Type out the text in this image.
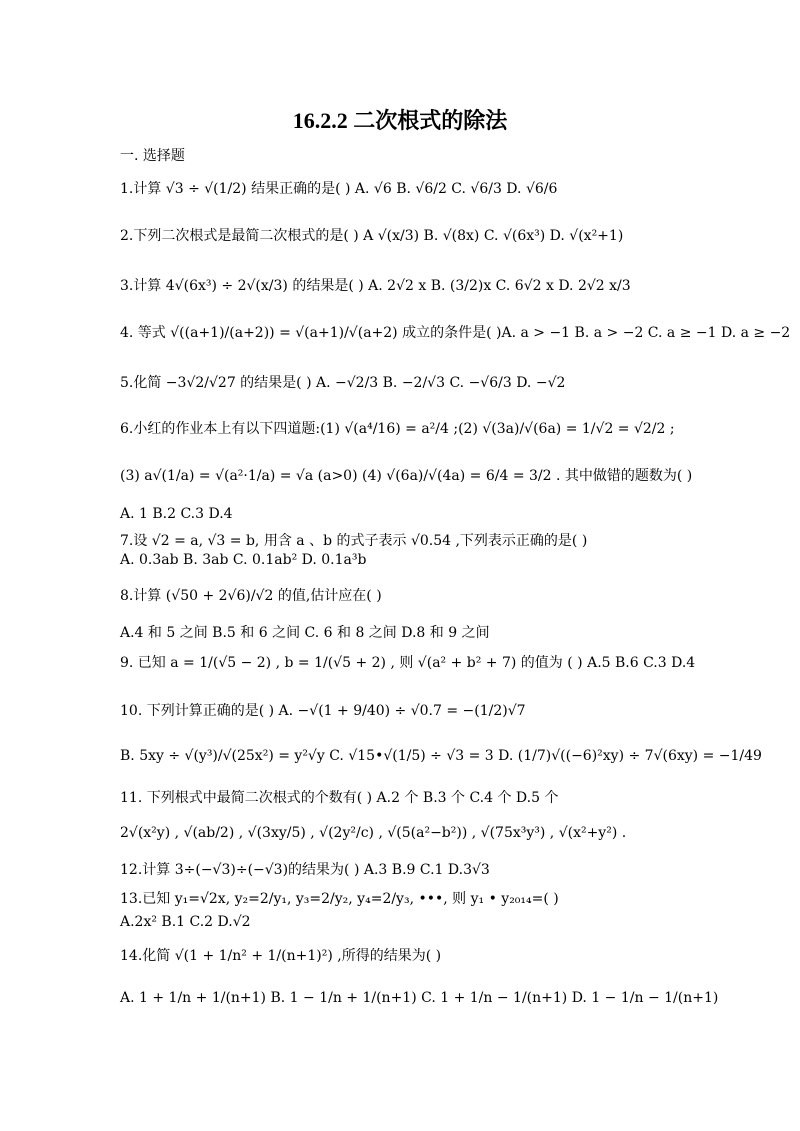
16.2.2 二次根式的除法
一. 选择题
1.计算 √3 ÷ √(1/2) 结果正确的是( ) A. √6 B. √6/2 C. √6/3 D. √6/6
2.下列二次根式是最简二次根式的是( ) A √(x/3) B. √(8x) C. √(6x³) D. √(x²+1)
3.计算 4√(6x³) ÷ 2√(x/3) 的结果是( ) A. 2√2 x B. (3/2)x C. 6√2 x D. 2√2 x/3
4. 等式 √((a+1)/(a+2)) = √(a+1)/√(a+2) 成立的条件是( )A. a > −1 B. a > −2 C. a ≥ −1 D. a ≥ −2
5.化简 −3√2/√27 的结果是( ) A. −√2/3 B. −2/√3 C. −√6/3 D. −√2
6.小红的作业本上有以下四道题:(1) √(a⁴/16) = a²/4 ;(2) √(3a)/√(6a) = 1/√2 = √2/2 ;
(3) a√(1/a) = √(a²·1/a) = √a (a>0) (4) √(6a)/√(4a) = 6/4 = 3/2 . 其中做错的题数为( )
A. 1 B.2 C.3 D.4
7.设 √2 = a, √3 = b, 用含 a 、b 的式子表示 √0.54 ,下列表示正确的是( )
A. 0.3ab B. 3ab C. 0.1ab² D. 0.1a³b
8.计算 (√50 + 2√6)/√2 的值,估计应在( )
A.4 和 5 之间 B.5 和 6 之间 C. 6 和 8 之间 D.8 和 9 之间
9. 已知 a = 1/(√5 − 2) , b = 1/(√5 + 2) , 则 √(a² + b² + 7) 的值为 ( ) A.5 B.6 C.3 D.4
10. 下列计算正确的是( ) A. −√(1 + 9/40) ÷ √0.7 = −(1/2)√7
B. 5xy ÷ √(y³)/√(25x²) = y²√y C. √15•√(1/5) ÷ √3 = 3 D. (1/7)√((−6)²xy) ÷ 7√(6xy) = −1/49
11. 下列根式中最简二次根式的个数有( ) A.2 个 B.3 个 C.4 个 D.5 个
2√(x²y) , √(ab/2) , √(3xy/5) , √(2y²/c) , √(5(a²−b²)) , √(75x³y³) , √(x²+y²) .
12.计算 3÷(−√3)÷(−√3)的结果为( ) A.3 B.9 C.1 D.3√3
13.已知 y₁=√2x, y₂=2/y₁, y₃=2/y₂, y₄=2/y₃, •••, 则 y₁ • y₂₀₁₄=( )
A.2x² B.1 C.2 D.√2
14.化简 √(1 + 1/n² + 1/(n+1)²) ,所得的结果为( )
A. 1 + 1/n + 1/(n+1) B. 1 − 1/n + 1/(n+1) C. 1 + 1/n − 1/(n+1) D. 1 − 1/n − 1/(n+1)
